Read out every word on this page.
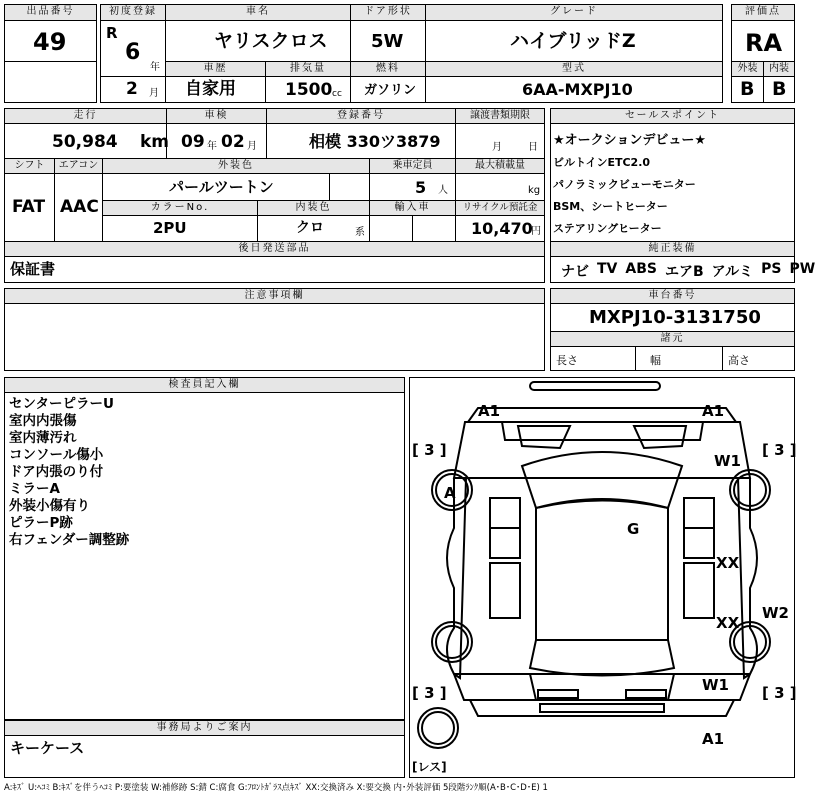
出品番号
49
初度登録
R
6
年
2 月
車名
ヤリスクロス
ドア形状
5W
グレード
ハイブリッドZ
評価点
RA
車歴
自家用
排気量
1500 cc
燃料
ガソリン
型式
6AA-MXPJ10
外装
B
内装
B
走行
50,984 km
車検
09 年 02 月
登録番号
相模 330ツ3879
譲渡書類期限
月	日
セールスポイント
★オークションデビュー★
ビルトインETC2.0
パノラミックビューモニター
BSM、シートヒーター
ステアリングヒーター
シフト
FAT
エアコン
AAC
外装色
パールツートン
乗車定員
5 人
最大積載量
kg
カラーNo.
2PU
内装色
クロ	系
輸入車	リサイクル預託金
10,470
円
後日発送部品
保証書
純正装備
ナビ TV ABS エアB アルミ PS PW
注意事項欄	車台番号
MXPJ10-3131750
諸元
長さ	幅	高さ
検査員記入欄
センターピラーU
室内内張傷
室内薄汚れ
コンソール傷小
ドア内張のり付
ミラーA
外装小傷有り
ピラーP跡
右フェンダー調整跡
事務局よりご案内
キーケース
A1	A1
[ 3 ]	[ 3 ]
W1
A
G
XX
W2
XX
[ 3 ]	W1 [ 3 ]
A1
[レス]
A:ｷｽﾞ U:ﾍｺﾐ B:ｷｽﾞを伴うﾍｺﾐ P:要塗装 W:補修跡 S:錆 C:腐食 G:ﾌﾛﾝﾄｶﾞﾗｽ点ｷｽﾞ XX:交換済み X:要交換 内･外装評価 5段階ﾗﾝｸ順(A･B･C･D･E) 1
